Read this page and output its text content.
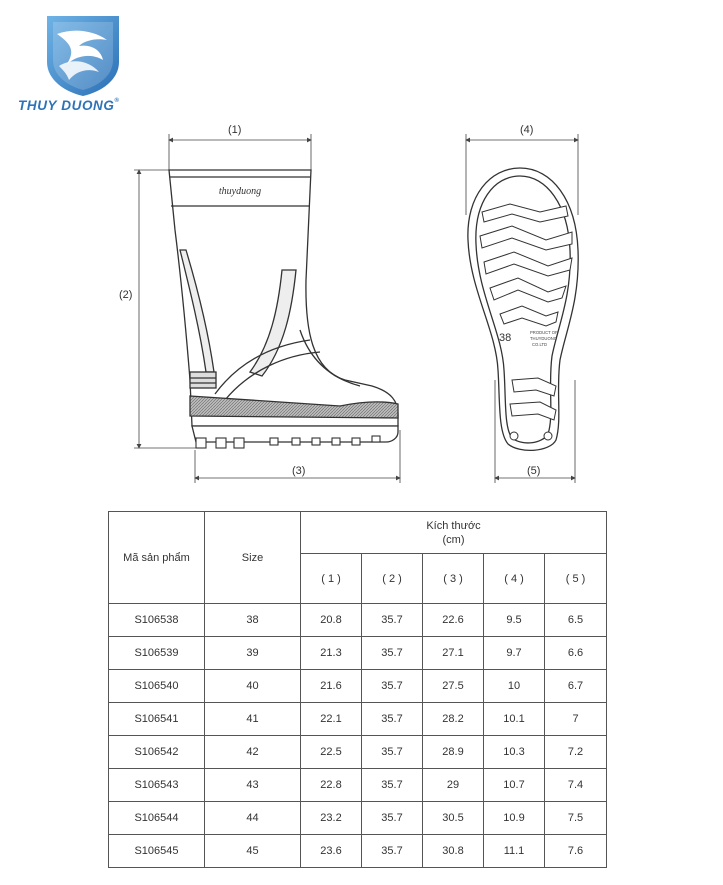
THUY DUONG®
thuyduong
38	PRODUCT OF
THUYDUONG
CO.LTD
(1)
(2)
(3)
(4)
(5)
Mã sản phẩm	Size	Kích thước
(cm)				

		( 1 )	( 2 )	( 3 )	( 4 )	( 5 )
S106538	38	20.8	35.7	22.6	9.5	6.5
S106539	39	21.3	35.7	27.1	9.7	6.6
S106540	40	21.6	35.7	27.5	10	6.7
S106541	41	22.1	35.7	28.2	10.1	7
S106542	42	22.5	35.7	28.9	10.3	7.2
S106543	43	22.8	35.7	29	10.7	7.4
S106544	44	23.2	35.7	30.5	10.9	7.5
S106545	45	23.6	35.7	30.8	11.1	7.6
